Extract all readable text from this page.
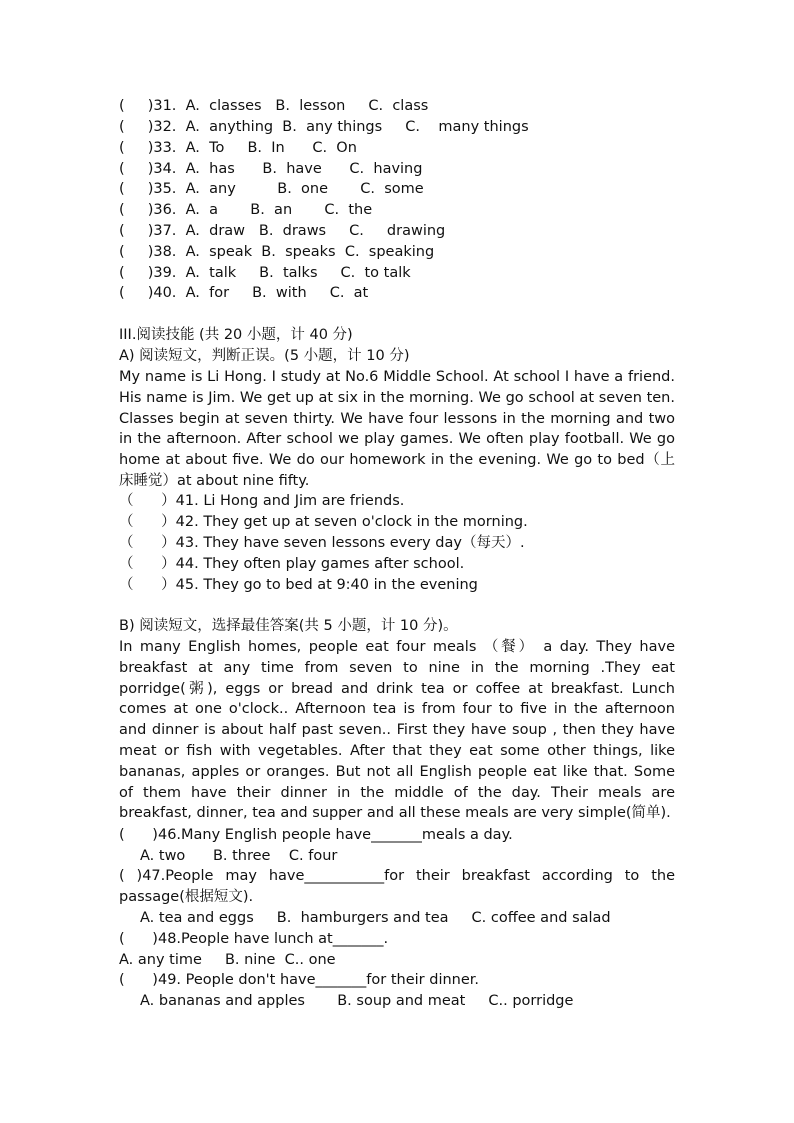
(     )31.  A.  classes   B.  lesson     C.  class
(     )32.  A.  anything  B.  any things     C.    many things
(     )33.  A.  To     B.  In      C.  On
(     )34.  A.  has      B.  have      C.  having
(     )35.  A.  any         B.  one       C.  some
(     )36.  A.  a       B.  an       C.  the
(     )37.  A.  draw   B.  draws     C.     drawing
(     )38.  A.  speak  B.  speaks  C.  speaking
(     )39.  A.  talk     B.  talks     C.  to talk
(     )40.  A.  for     B.  with     C.  at
III.阅读技能 (共 20 小题，计 40 分)
A) 阅读短文，判断正误。(5 小题，计 10 分)
My name is Li Hong. I study at No.6 Middle School. At school I have a friend. His name is Jim. We get up at six in the morning. We go school at seven ten. Classes begin at seven thirty. We have four lessons in the morning and two in the afternoon. After school we play games. We often play football. We go home at about five. We do our homework in the evening. We go to bed（上床睡觉）at about nine fifty.
（      ）41. Li Hong and Jim are friends.
（      ）42. They get up at seven o'clock in the morning.
（      ）43. They have seven lessons every day（每天）.
（      ）44. They often play games after school.
（      ）45. They go to bed at 9:40 in the evening
B) 阅读短文，选择最佳答案(共 5 小题，计 10 分)。
In many English homes, people eat four meals （餐） a day. They have breakfast at any time from seven to nine in the morning .They eat porridge(粥), eggs or bread and drink tea or coffee at breakfast. Lunch comes at one o'clock.. Afternoon tea is from four to five in the afternoon and dinner is about half past seven.. First they have soup , then they have meat or fish with vegetables. After that they eat some other things, like bananas, apples or oranges. But not all English people eat like that. Some of them have their dinner in the middle of the day. Their meals are breakfast, dinner, tea and supper and all these meals are very simple(简单).
(      )46.Many English people have_______meals a day.
A. two      B. three    C. four
( )47.People may have___________for their breakfast according to the passage(根据短文).
A. tea and eggs     B.  hamburgers and tea     C. coffee and salad
(      )48.People have lunch at_______.
A. any time     B. nine  C.. one
(      )49. People don't have_______for their dinner.
A. bananas and apples       B. soup and meat     C.. porridge
